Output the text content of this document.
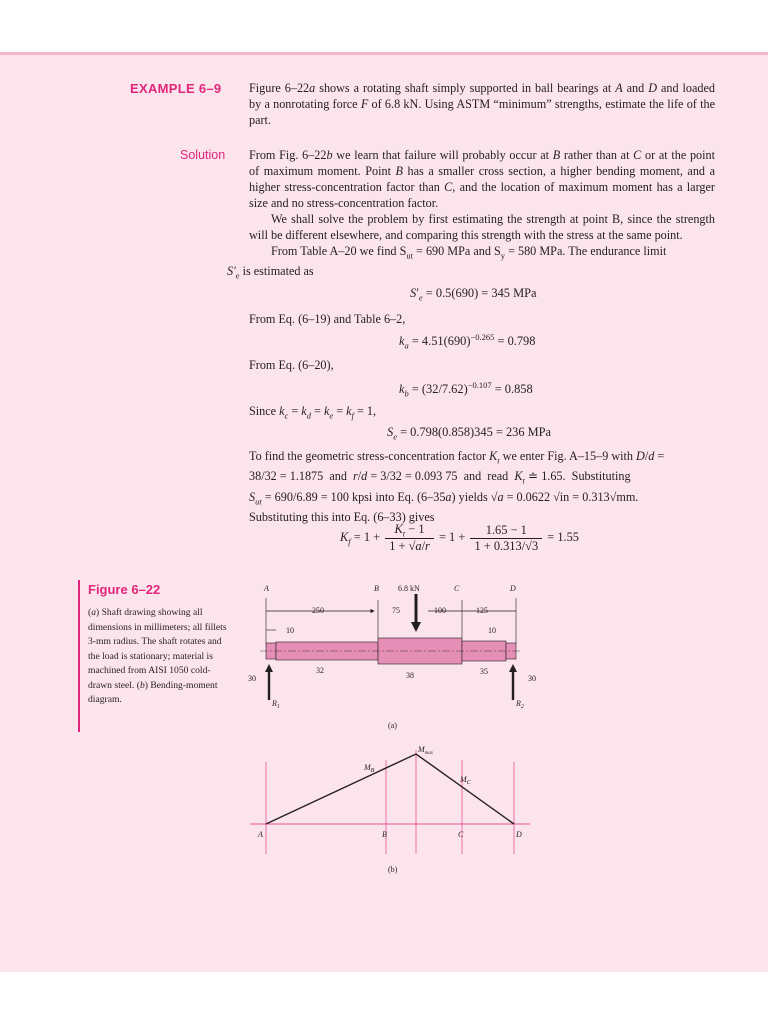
EXAMPLE 6–9 Figure 6–22a shows a rotating shaft simply supported in ball bearings at A and D and loaded by a nonrotating force F of 6.8 kN. Using ASTM “minimum” strengths, estimate the life of the part.

Solution From Fig. 6–22b we learn that failure will probably occur at B rather than at C or at the point of maximum moment. Point B has a smaller cross section, a higher bending moment, and a higher stress-concentration factor than C, and the location of maximum moment has a larger size and no stress-concentration factor.

We shall solve the problem by first estimating the strength at point B, since the strength will be different elsewhere, and comparing this strength with the stress at the same point.

From Table A–20 we find $S_{ut} = 690$ MPa and $S_y = 580$ MPa. The endurance limit
$S'_e$ is estimated as

$S'_e = 0.5(690) = 345$ MPa
From Eq. (6–19) and Table 6–2,
$k_a = 4.51(690)^{-0.265} = 0.798$
From Eq. (6–20),
$k_b = (32/7.62)^{-0.107} = 0.858$
Since $k_c = k_d = k_e = k_f = 1$,
$S_e = 0.798(0.858)345 = 236$ MPa

To find the geometric stress-concentration factor $K_t$ we enter Fig. A–15–9 with D/d =
38/32 = 1.1875  and  r/d = 3/32 = 0.093 75  and  read  $K_t$ ≐ 1.65.  Substituting
$S_{ut} = 690/6.89 = 100$ kpsi into Eq. (6–35a) yields √a = 0.0622 √in = 0.313√mm.
Substituting this into Eq. (6–33) gives

$K_f = 1 + \frac{K_t - 1}{1 + √a/r} = 1 + \frac{1.65 - 1}{1 + 0.313/√3} = 1.55$
Figure 6–22

(a) Shaft drawing showing all dimensions in millimeters; all fillets 3-mm radius. The shaft rotates and the load is stationary; material is machined from AISI 1050 cold-drawn steel. (b) Bending-moment diagram.

A	B 6.8 kN	C	D
250	75	100	125
10	10
32
38	35
30	30
$R_1$	$R_2$
(a)
$M_B$
$M_{max}$
$M_C$
A	B	C	D
(b)
